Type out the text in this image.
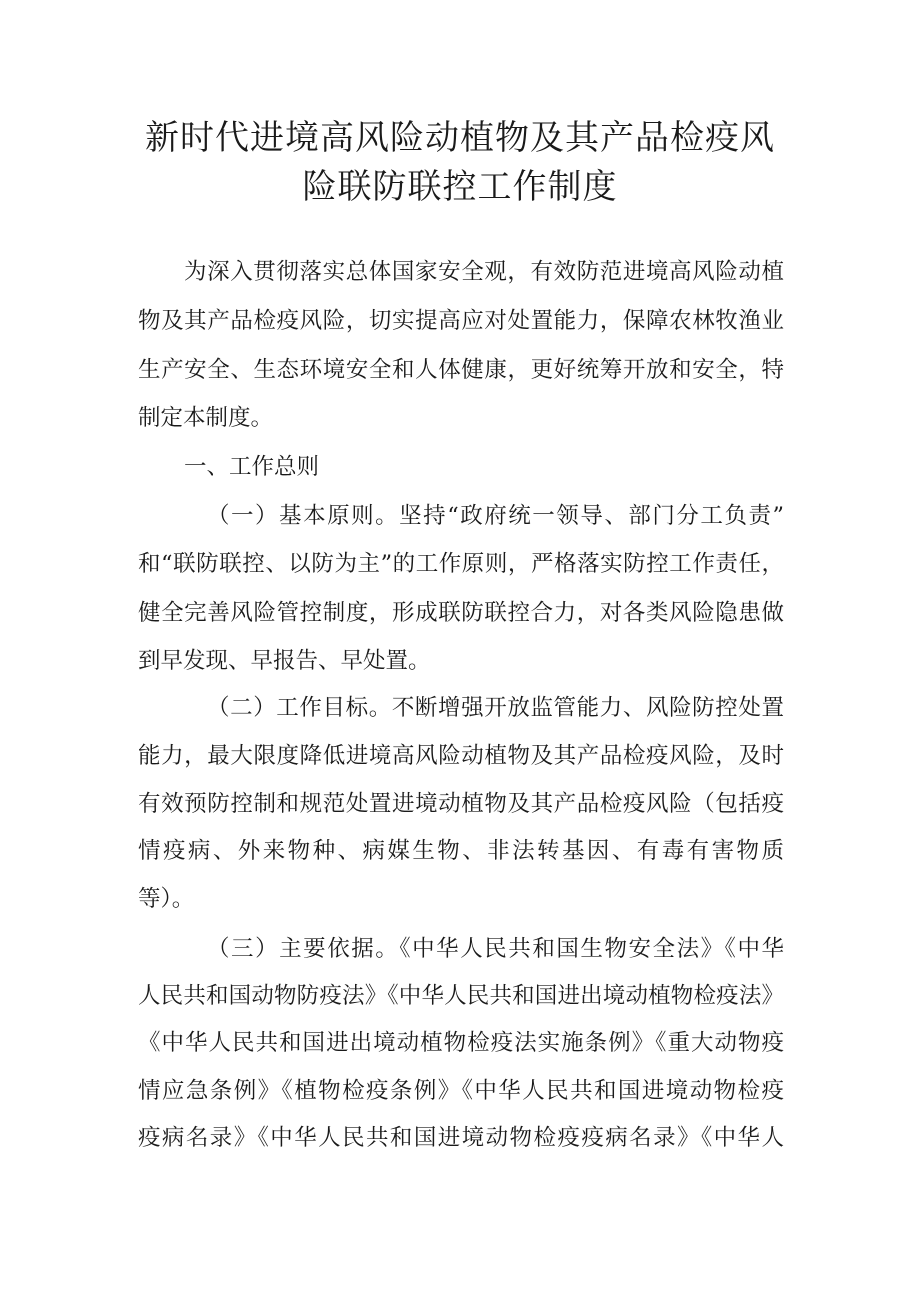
新时代进境高风险动植物及其产品检疫风
险联防联控工作制度
为深入贯彻落实总体国家安全观，有效防范进境高风险动植
物及其产品检疫风险，切实提高应对处置能力，保障农林牧渔业
生产安全、生态环境安全和人体健康，更好统筹开放和安全，特
制定本制度。
一、工作总则
（一）基本原则。坚持“政府统一领导、部门分工负责”
和“联防联控、以防为主”的工作原则，严格落实防控工作责任，
健全完善风险管控制度，形成联防联控合力，对各类风险隐患做
到早发现、早报告、早处置。
（二）工作目标。不断增强开放监管能力、风险防控处置
能力，最大限度降低进境高风险动植物及其产品检疫风险，及时
有效预防控制和规范处置进境动植物及其产品检疫风险（包括疫
情疫病、外来物种、病媒生物、非法转基因、有毒有害物质
等）。
（三）主要依据。《中华人民共和国生物安全法》《中华
人民共和国动物防疫法》《中华人民共和国进出境动植物检疫法》
《中华人民共和国进出境动植物检疫法实施条例》《重大动物疫
情应急条例》《植物检疫条例》《中华人民共和国进境动物检疫
疫病名录》《中华人民共和国进境动物检疫疫病名录》《中华人
